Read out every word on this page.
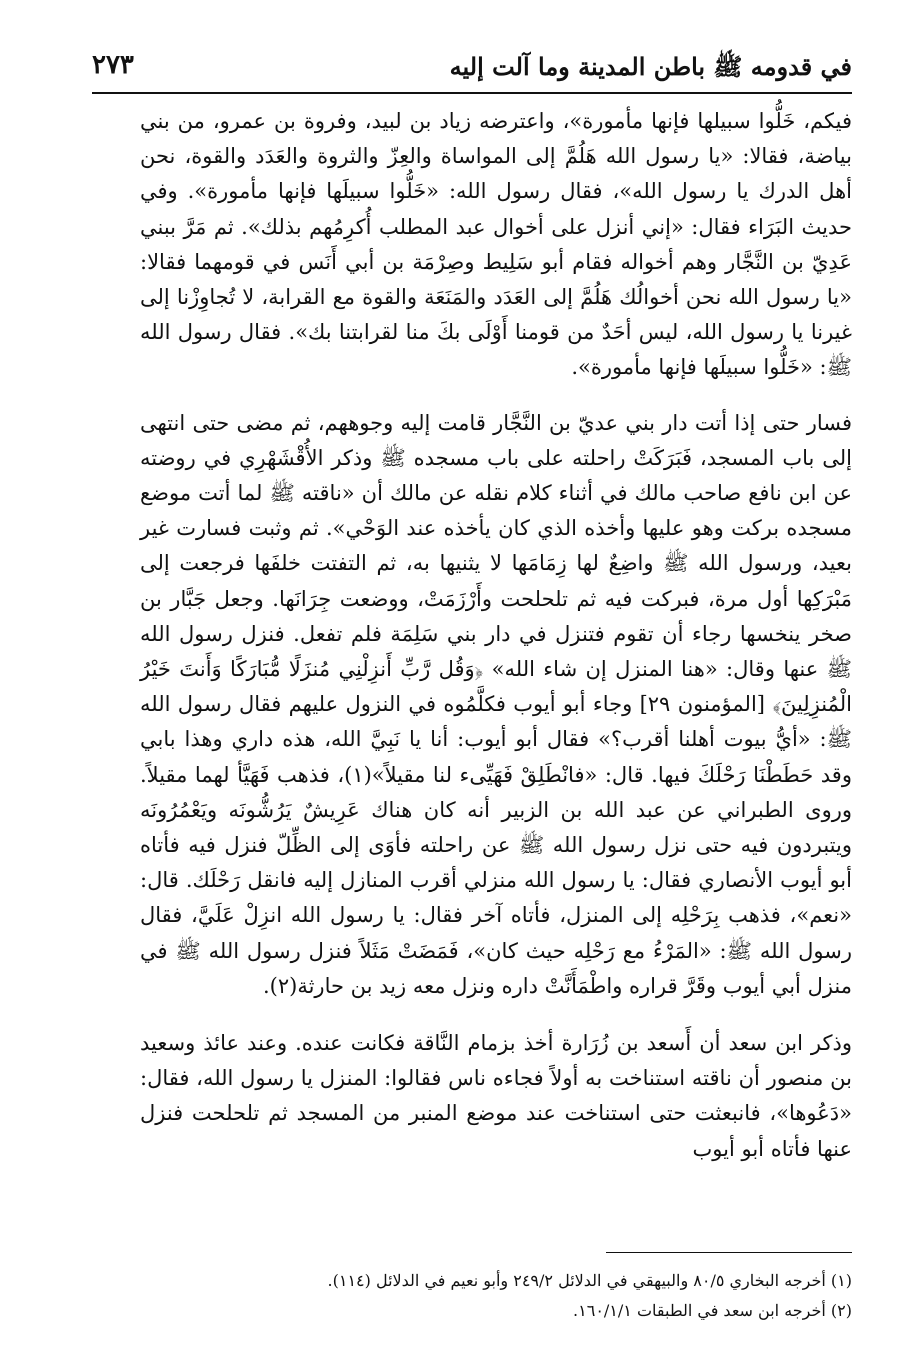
في قدومه ﷺ باطن المدينة وما آلت إليه
٢٧٣

فيكم، خَلُّوا سبيلها فإنها مأمورة»، واعترضه زياد بن لبيد، وفروة بن عمرو، من بني بياضة، فقالا: «يا رسول الله هَلُمَّ إلى المواساة والعِزّ والثروة والعَدَد والقوة، نحن أهل الدرك يا رسول الله»، فقال رسول الله: «خَلُّوا سبيلَها فإنها مأمورة». وفي حديث البَرَاء فقال: «إني أنزل على أخوال عبد المطلب أُكرِمُهم بذلك». ثم مَرَّ ببني عَدِيّ بن النَّجَّار وهم أخواله فقام أبو سَلِيط وصِرْمَة بن أبي أَنَس في قومهما فقالا: «يا رسول الله نحن أخوالُك هَلُمَّ إلى العَدَد والمَنَعَة والقوة مع القرابة، لا تُجاوِزْنا إلى غيرنا يا رسول الله، ليس أحَدٌ من قومنا أَوْلَى بكَ منا لقرابتنا بك». فقال رسول الله ﷺ: «خَلُّوا سبيلَها فإنها مأمورة».

فسار حتى إذا أتت دار بني عديّ بن النَّجَّار قامت إليه وجوههم، ثم مضى حتى انتهى إلى باب المسجد، فَبَرَكَتْ راحلته على باب مسجده ﷺ وذكر الأُقْشَهْرِي في روضته عن ابن نافع صاحب مالك في أثناء كلام نقله عن مالك أن «ناقته ﷺ لما أتت موضع مسجده بركت وهو عليها وأخذه الذي كان يأخذه عند الوَحْي». ثم وثبت فسارت غير بعيد، ورسول الله ﷺ واضِعٌ لها زِمَامَها لا يثنيها به، ثم التفتت خلفَها فرجعت إلى مَبْرَكِها أول مرة، فبركت فيه ثم تلحلحت وأَرْزَمَتْ، ووضعت جِرَانَها. وجعل جَبَّار بن صخر ينخسها رجاء أن تقوم فتنزل في دار بني سَلِمَة فلم تفعل. فنزل رسول الله ﷺ عنها وقال: «هنا المنزل إن شاء الله» ﴿وَقُل رَّبِّ أَنزِلْنِي مُنزَلًا مُّبَارَكًا وَأَنتَ خَيْرُ الْمُنزِلِينَ﴾ [المؤمنون ٢٩] وجاء أبو أيوب فكلَّمُوه في النزول عليهم فقال رسول الله ﷺ: «أيُّ بيوت أهلنا أقرب؟» فقال أبو أيوب: أنا يا نَبِيَّ الله، هذه داري وهذا بابي وقد حَطَطْنَا رَحْلَكَ فيها. قال: «فانْطَلِقْ فَهَيِّىء لنا مقيلاً»(١)، فذهب فَهَيَّأ لهما مقيلاً. وروى الطبراني عن عبد الله بن الزبير أنه كان هناك عَرِيشٌ يَرُشُّونَه ويَعْمُرُونَه ويتبردون فيه حتى نزل رسول الله ﷺ عن راحلته فأوَى إلى الظِّلّ فنزل فيه فأتاه أبو أيوب الأنصاري فقال: يا رسول الله منزلي أقرب المنازل إليه فانقل رَحْلَك. قال: «نعم»، فذهب بِرَحْلِه إلى المنزل، فأتاه آخر فقال: يا رسول الله انزِلْ عَلَيَّ، فقال رسول الله ﷺ: «المَرْءُ مع رَحْلِه حيث كان»، فَمَضَتْ مَثَلاً فنزل رسول الله ﷺ في منزل أبي أيوب وقَرَّ قراره واطْمَأَنَّتْ داره ونزل معه زيد بن حارثة(٢).

وذكر ابن سعد أن أَسعد بن زُرَارة أخذ بزمام النَّاقة فكانت عنده. وعند عائذ وسعيد بن منصور أن ناقته استناخت به أولاً فجاءه ناس فقالوا: المنزل يا رسول الله، فقال: «دَعُوها»، فانبعثت حتى استناخت عند موضع المنبر من المسجد ثم تلحلحت فنزل عنها فأتاه أبو أيوب

(١) أخرجه البخاري ٨٠/٥ والبيهقي في الدلائل ٢٤٩/٢ وأبو نعيم في الدلائل (١١٤).

(٢) أخرجه ابن سعد في الطبقات ١٦٠/١/١.
